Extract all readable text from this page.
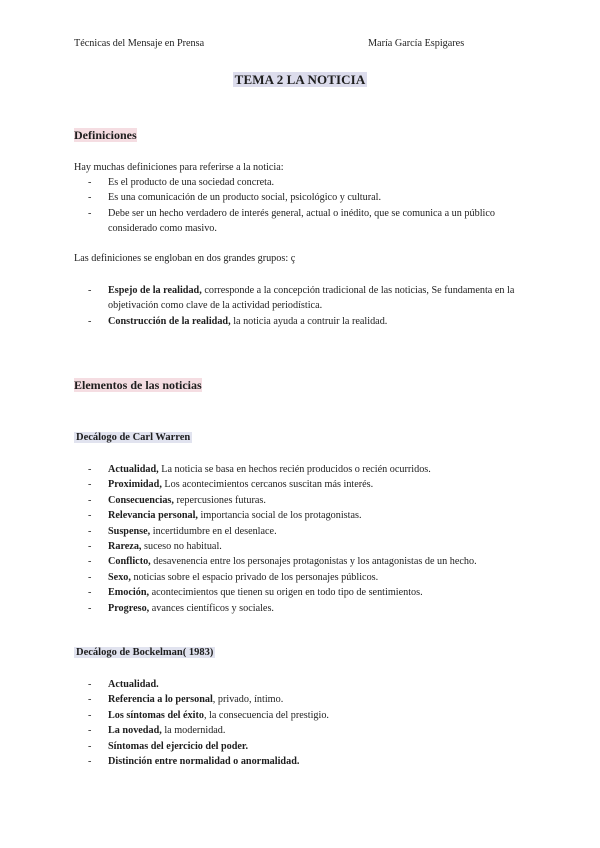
Técnicas del Mensaje en Prensa	María García Espigares
TEMA 2 LA NOTICIA
Definiciones
Hay muchas definiciones para referirse a la noticia:
- Es el producto de una sociedad concreta.
- Es una comunicación de un producto social, psicológico y cultural.
- Debe ser un hecho verdadero de interés general, actual o inédito, que se comunica a un público considerado como masivo.
Las definiciones se engloban en dos grandes grupos: ç
- Espejo de la realidad, corresponde a la concepción tradicional de las noticias, Se fundamenta en la objetivación como clave de la actividad periodística.
- Construcción de la realidad, la noticia ayuda a contruir la realidad.
Elementos de las noticias
Decálogo de Carl Warren
- Actualidad, La noticia se basa en hechos recién producidos o recién ocurridos.
- Proximidad, Los acontecimientos cercanos suscitan más interés.
- Consecuencias, repercusiones futuras.
- Relevancia personal, importancia social de los protagonistas.
- Suspense, incertidumbre en el desenlace.
- Rareza, suceso no habitual.
- Conflicto, desavenencia entre los personajes protagonistas y los antagonistas de un hecho.
- Sexo, noticias sobre el espacio privado de los personajes públicos.
- Emoción, acontecimientos que tienen su origen en todo tipo de sentimientos.
- Progreso, avances científicos y sociales.
Decálogo de Bockelman( 1983)
- Actualidad.
- Referencia a lo personal, privado, íntimo.
- Los síntomas del éxito, la consecuencia del prestigio.
- La novedad, la modernidad.
- Síntomas del ejercicio del poder.
- Distinción entre normalidad o anormalidad.
